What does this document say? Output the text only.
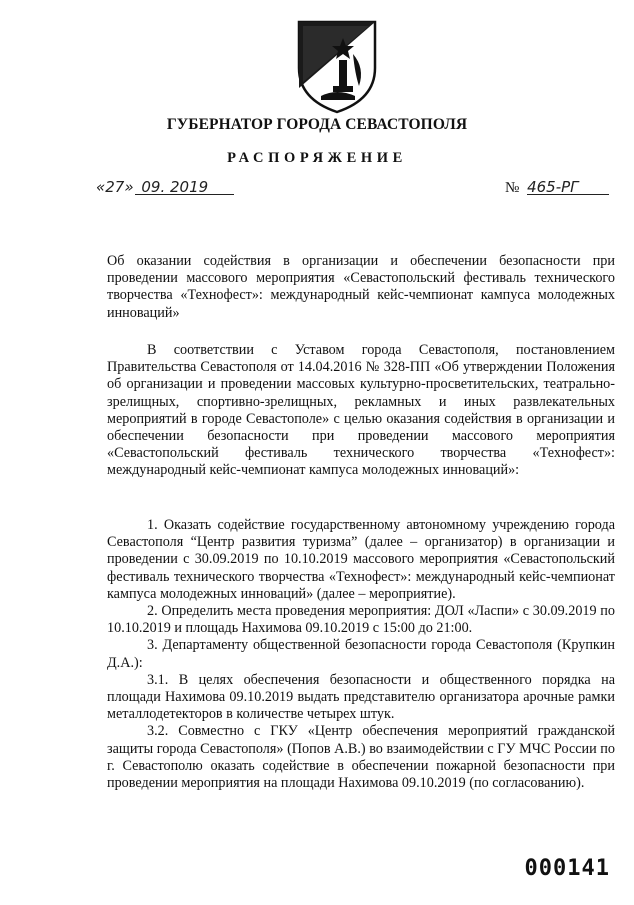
ГУБЕРНАТОР ГОРОДА СЕВАСТОПОЛЯ
РАСПОРЯЖЕНИЕ
«27» 09. 2019	№ 465-РГ

Об оказании содействия в организации и обеспечении безопасности при проведении массового мероприятия «Севастопольский фестиваль технического творчества «Технофест»: международный кейс-чемпионат кампуса молодежных инноваций»

В соответствии с Уставом города Севастополя, постановлением Правительства Севастополя от 14.04.2016 № 328-ПП «Об утверждении Положения об организации и проведении массовых культурно-просветительских, театрально-зрелищных, спортивно-зрелищных, рекламных и иных развлекательных мероприятий в городе Севастополе» с целью оказания содействия в организации и обеспечении безопасности при проведении массового мероприятия «Севастопольский фестиваль технического творчества «Технофест»: международный кейс-чемпионат кампуса молодежных инноваций»:

1. Оказать содействие государственному автономному учреждению города Севастополя “Центр развития туризма” (далее – организатор) в организации и проведении с 30.09.2019 по 10.10.2019 массового мероприятия «Севастопольский фестиваль технического творчества «Технофест»: международный кейс-чемпионат кампуса молодежных инноваций» (далее – мероприятие).

2. Определить места проведения мероприятия: ДОЛ «Ласпи» с 30.09.2019 по 10.10.2019 и площадь Нахимова 09.10.2019 с 15:00 до 21:00.

3. Департаменту общественной безопасности города Севастополя (Крупкин Д.А.):

3.1. В целях обеспечения безопасности и общественного порядка на площади Нахимова 09.10.2019 выдать представителю организатора арочные рамки металлодетекторов в количестве четырех штук.

3.2. Совместно с ГКУ «Центр обеспечения мероприятий гражданской защиты города Севастополя» (Попов А.В.) во взаимодействии с ГУ МЧС России по г. Севастополю оказать содействие в обеспечении пожарной безопасности при проведении мероприятия на площади Нахимова 09.10.2019 (по согласованию).

000141
